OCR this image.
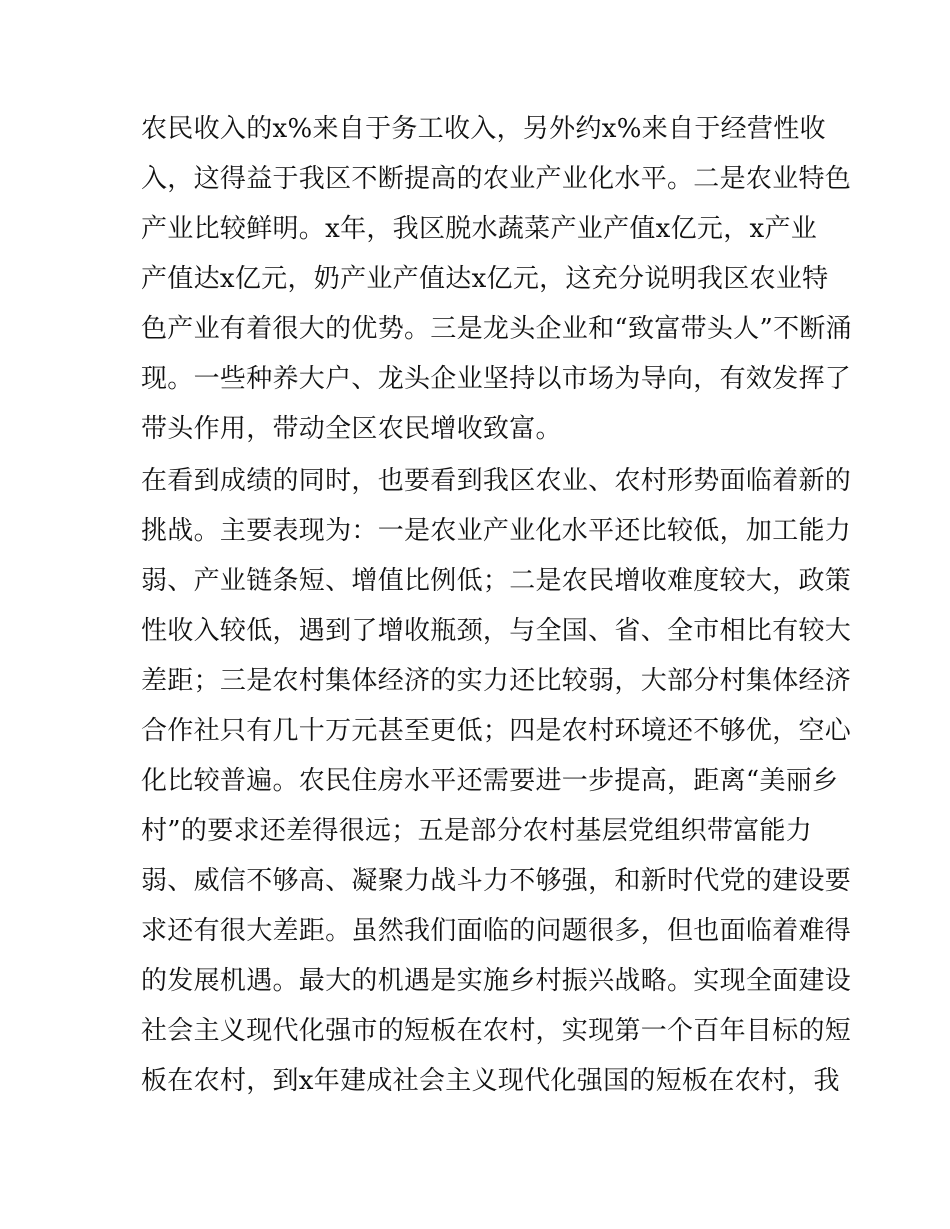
农民收入的x%来自于务工收入，另外约x%来自于经营性收
入，这得益于我区不断提高的农业产业化水平。二是农业特色
产业比较鲜明。x年，我区脱水蔬菜产业产值x亿元，x产业
产值达x亿元，奶产业产值达x亿元，这充分说明我区农业特
色产业有着很大的优势。三是龙头企业和“致富带头人”不断涌
现。一些种养大户、龙头企业坚持以市场为导向，有效发挥了
带头作用，带动全区农民增收致富。
在看到成绩的同时，也要看到我区农业、农村形势面临着新的
挑战。主要表现为：一是农业产业化水平还比较低，加工能力
弱、产业链条短、增值比例低；二是农民增收难度较大，政策
性收入较低，遇到了增收瓶颈，与全国、省、全市相比有较大
差距；三是农村集体经济的实力还比较弱，大部分村集体经济
合作社只有几十万元甚至更低；四是农村环境还不够优，空心
化比较普遍。农民住房水平还需要进一步提高，距离“美丽乡
村”的要求还差得很远；五是部分农村基层党组织带富能力
弱、威信不够高、凝聚力战斗力不够强，和新时代党的建设要
求还有很大差距。虽然我们面临的问题很多，但也面临着难得
的发展机遇。最大的机遇是实施乡村振兴战略。实现全面建设
社会主义现代化强市的短板在农村，实现第一个百年目标的短
板在农村，到x年建成社会主义现代化强国的短板在农村，我
